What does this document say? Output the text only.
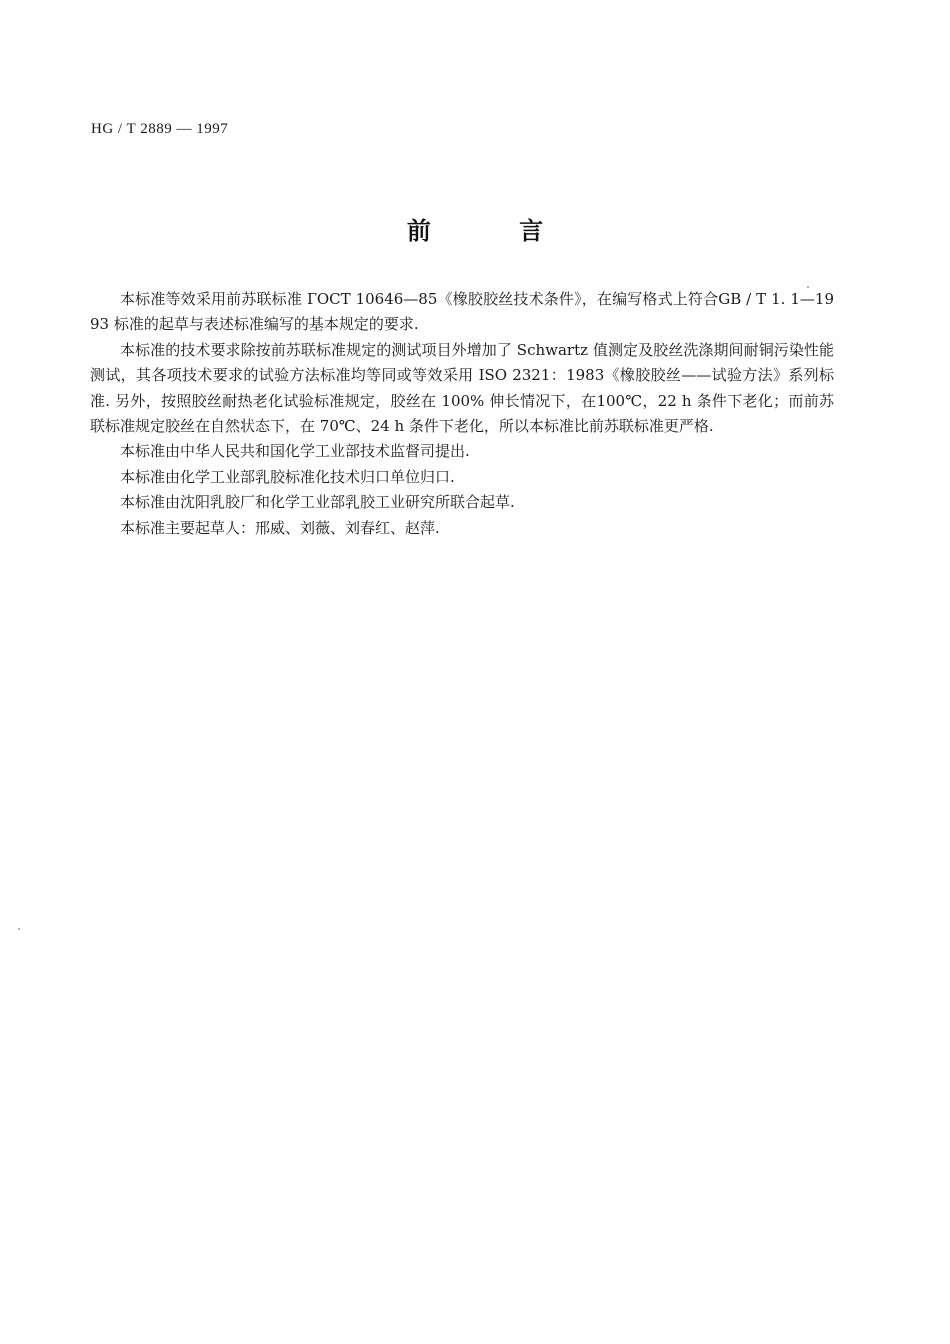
HG / T 2889 — 1997
前 言

本标准等效采用前苏联标准 ГОСТ 10646—85《橡胶胶丝技术条件》，在编写格式上符合GB / T 1. 1—1993 标准的起草与表述标准编写的基本规定的要求.

本标准的技术要求除按前苏联标准规定的测试项目外增加了 Schwartz 值测定及胶丝洗涤期间耐铜污染性能测试，其各项技术要求的试验方法标准均等同或等效采用 ISO 2321：1983《橡胶胶丝——试验方法》系列标准. 另外，按照胶丝耐热老化试验标准规定，胶丝在 100% 伸长情况下，在100℃，22 h 条件下老化；而前苏联标准规定胶丝在自然状态下，在 70℃、24 h 条件下老化，所以本标准比前苏联标准更严格.

本标准由中华人民共和国化学工业部技术监督司提出.

本标准由化学工业部乳胶标准化技术归口单位归口.

本标准由沈阳乳胶厂和化学工业部乳胶工业研究所联合起草.

本标准主要起草人：邢威、刘薇、刘春红、赵萍.
